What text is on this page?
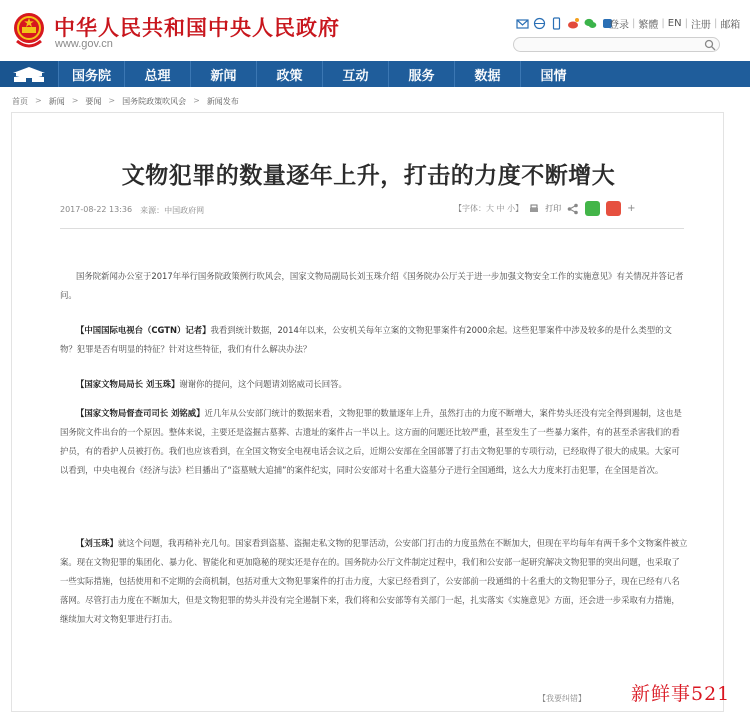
中华人民共和国中央人民政府
www.gov.cn
登录 | 繁體 | EN | 注册 | 邮箱
国务院	总理	新闻	政策	互动	服务	数据	国情
首页 > 新闻 > 要闻 > 国务院政策吹风会 > 新闻发布
文物犯罪的数量逐年上升，打击的力度不断增大
2017-08-22 13:36 来源：中国政府网	【字体：大 中 小】	打印	+

国务院新闻办公室于2017年举行国务院政策例行吹风会，国家文物局副局长刘玉珠介绍《国务院办公厅关于进一步加强文物安全工作的实施意见》有关情况并答记者问。

【中国国际电视台（CGTN）记者】我看到统计数据，2014年以来，公安机关每年立案的文物犯罪案件有2000余起。这些犯罪案件中涉及较多的是什么类型的文物？犯罪是否有明显的特征？针对这些特征，我们有什么解决办法？

【国家文物局局长 刘玉珠】谢谢你的提问，这个问题请刘铭威司长回答。

【国家文物局督查司司长 刘铭威】近几年从公安部门统计的数据来看，文物犯罪的数量逐年上升，虽然打击的力度不断增大，案件势头还没有完全得到遏制，这也是国务院文件出台的一个原因。整体来说，主要还是盗掘古墓葬、古遗址的案件占一半以上。这方面的问题还比较严重，甚至发生了一些暴力案件，有的甚至杀害我们的看护员，有的看护人员被打伤。我们也应该看到，在全国文物安全电视电话会议之后，近期公安部在全国部署了打击文物犯罪的专项行动，已经取得了很大的成果。大家可以看到，中央电视台《经济与法》栏目播出了“盗墓贼大追捕”的案件纪实，同时公安部对十名重大盗墓分子进行全国通缉，这么大力度来打击犯罪，在全国是首次。

【刘玉珠】就这个问题，我再稍补充几句。国家看到盗墓、盗掘走私文物的犯罪活动，公安部门打击的力度虽然在不断加大，但现在平均每年有两千多个文物案件被立案。现在文物犯罪的集团化、暴力化、智能化和更加隐秘的现实还是存在的。国务院办公厅文件制定过程中，我们和公安部一起研究解决文物犯罪的突出问题，也采取了一些实际措施，包括使用和不定期的会商机制，包括对重大文物犯罪案件的打击力度，大家已经看到了，公安部前一段通缉的十名重大的文物犯罪分子，现在已经有八名落网。尽管打击力度在不断加大，但是文物犯罪的势头并没有完全遏制下来，我们将和公安部等有关部门一起，扎实落实《实施意见》方面，还会进一步采取有力措施，继续加大对文物犯罪进行打击。

【我要纠错】 新鲜事521
